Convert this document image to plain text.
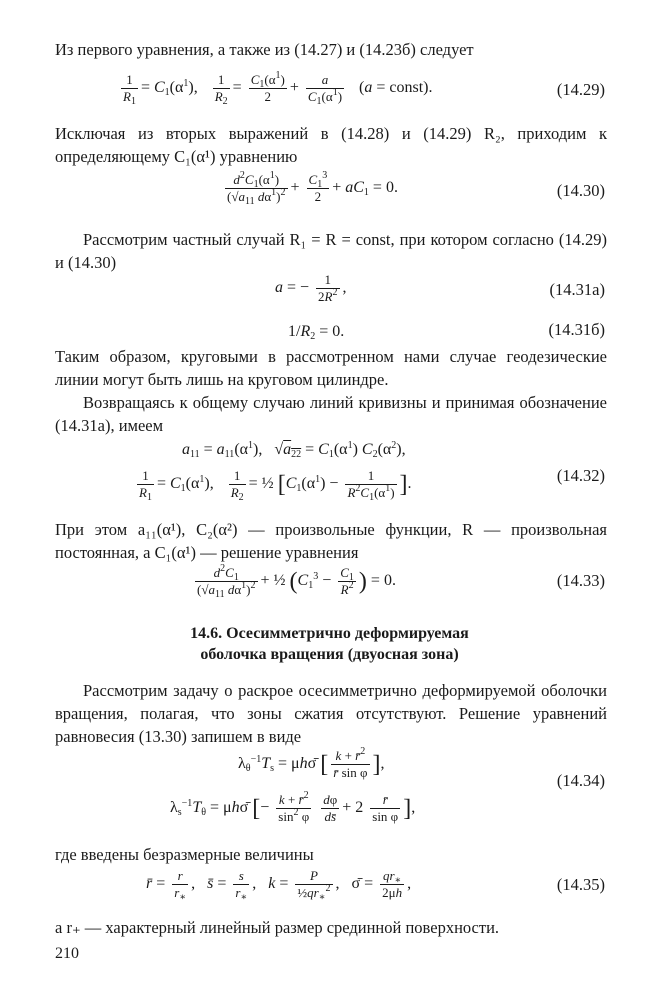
Из первого уравнения, а также из (14.27) и (14.23б) следует
$\frac{1}{R_1} = C_1(\alpha^1)$, $\frac{1}{R_2} = \frac{C_1(\alpha^1)}{2} + \frac{a}{C_1(\alpha^1)} (a$ = const).	(14.29)
Исключая из вторых выражений в (14.28) и (14.29) R₂, приходим к определяющему C₁(α¹) уравнению
$\frac{d^2C_1(\alpha^1)}{(√a_{11} d\alpha^1)^2} + \frac{C_1^3}{2} + aC_1 = 0$.	(14.30)
Рассмотрим частный случай R₁ = R = const, при котором согласно (14.29) и (14.30)
a = − $\frac{1}{2R^2}$ ,	(14.31а)
$1/R_2 = 0$.	(14.31б)
Таким образом, круговыми в рассмотренном нами случае геодезические линии могут быть лишь на круговом цилиндре.
Возвращаясь к общему случаю линий кривизны и принимая обозначение (14.31а), имеем
$a_{11} = a_{11}(\alpha^1)$,   $√a_{22} = C_1(\alpha^1)$ $C_2(\alpha^2)$,
$\frac{1}{R_1} = C_1(\alpha^1)$, $\frac{1}{R_2}$ = ½ [$C_1(\alpha^1) - \frac{1}{R^2C_1(\alpha^1)}$ ].	(14.32)
При этом a₁₁(α¹), C₂(α²) — произвольные функции, R — произвольная постоянная, а C₁(α¹) — решение уравнения
$\frac{d^2C_1}{(√a_{11} d\alpha^1)^2}$ + ½ ($C_1^3 - \frac{C_1}{R^2}$ ) = 0.	(14.33)
14.6. Осесимметрично деформируемая
оболочка вращения (двуосная зона)
Рассмотрим задачу о раскрое осесимметрично деформируемой оболочки вращения, полагая, что зоны сжатия отсутствуют. Решение уравнений равновесия (13.30) запишем в виде
$\lambda_\theta^{-1}T_s$ = μhσ̄ [ $\frac{k + r̄^2}{\text{r̄ sin φ}}$ ],
$\lambda_s^{-1}T_\theta$ = μhσ̄ [− $\frac{k + r̄^2}{\sin^2 \varphi}$
$\frac{d\varphi}{ds̄} + 2 \frac{r̄}{\text{sin φ}}$ ],
(14.34)
где введены безразмерные величины
r̄ = $\frac{r}{r_∗}$ ,   s̄ = $\frac{s}{r_∗}$ ,   $k = \frac{P}{\frac{1}{2}qr_∗^2}$ ,   σ̄ = $\frac{qr_∗}{2\mu h}$ ,	(14.35)
а r₊ — характерный линейный размер срединной поверхности.
210
